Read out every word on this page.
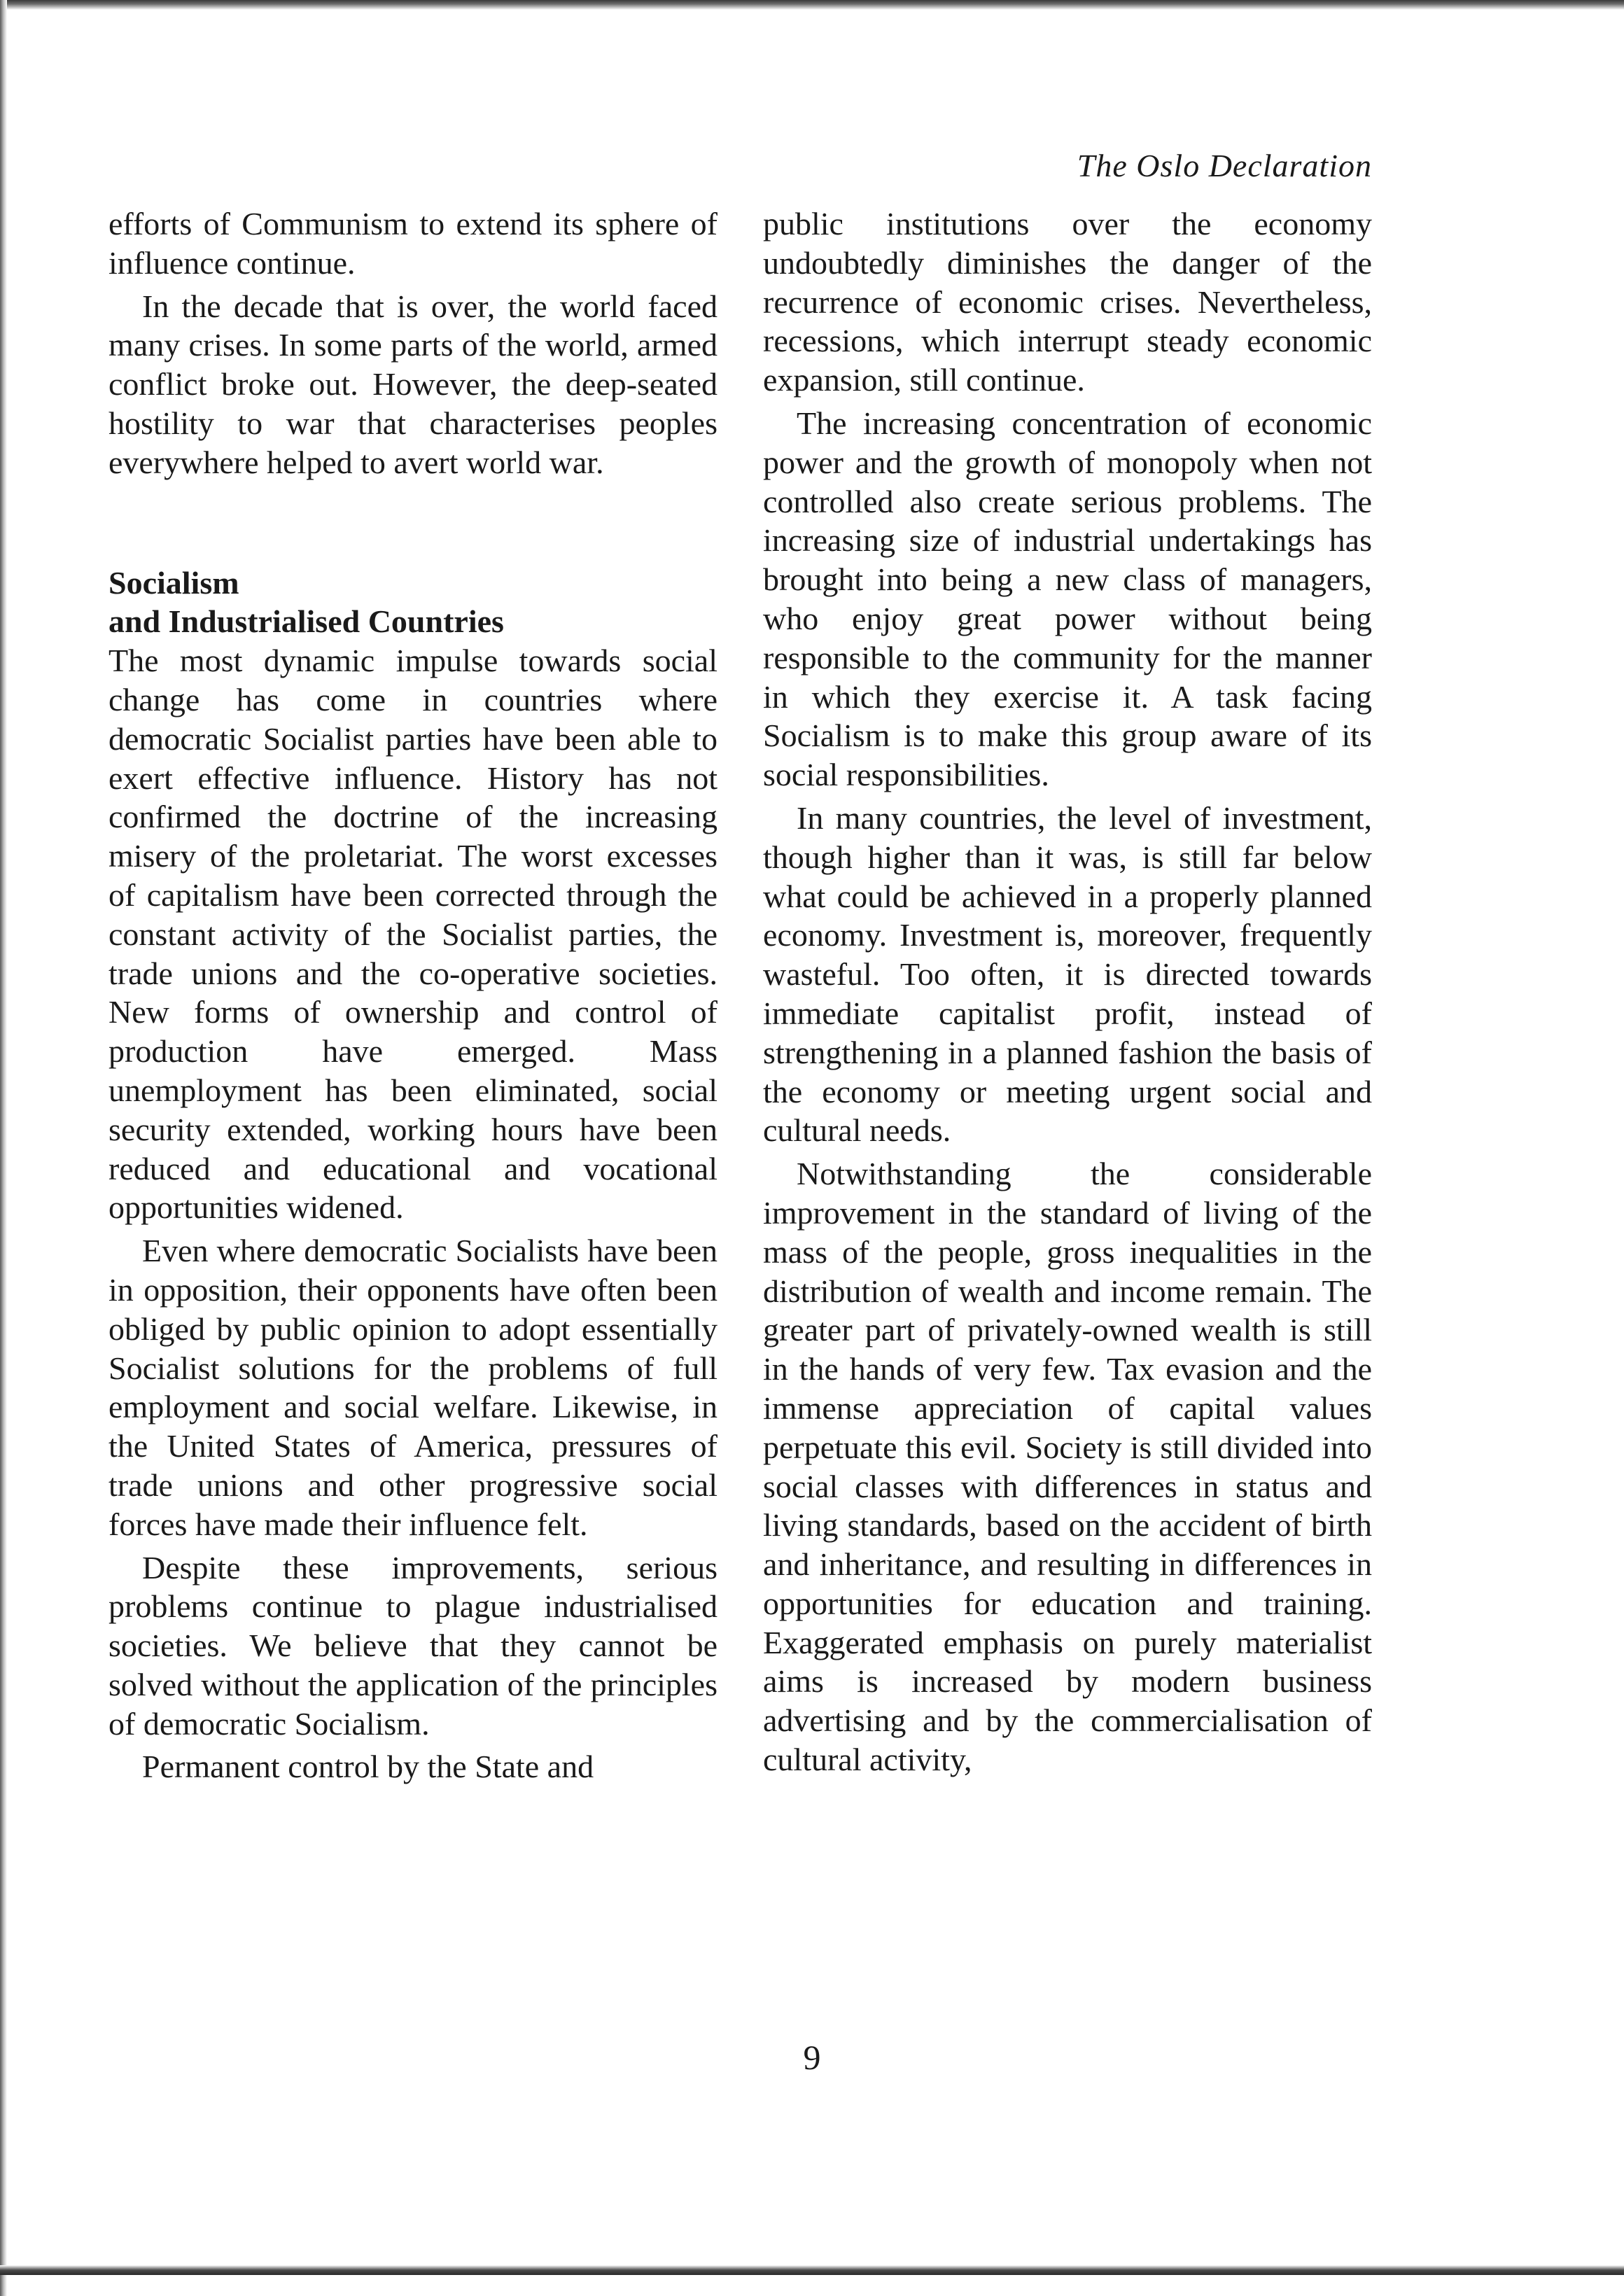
The Oslo Declaration

efforts of Communism to extend its sphere of influence continue.

In the decade that is over, the world faced many crises. In some parts of the world, armed conflict broke out. However, the deep-seated hostility to war that characterises peoples everywhere helped to avert world war.

Socialism
and Industrialised Countries

The most dynamic impulse towards social change has come in countries where democratic Socialist parties have been able to exert effective influence. History has not confirmed the doctrine of the increasing misery of the proletariat. The worst excesses of capitalism have been corrected through the constant activity of the Socialist parties, the trade unions and the co-operative societies. New forms of ownership and control of production have emerged. Mass unemployment has been eliminated, social security extended, working hours have been reduced and educational and vocational opportunities widened.

Even where democratic Socialists have been in opposition, their opponents have often been obliged by public opinion to adopt essentially Socialist solutions for the problems of full employment and social welfare. Likewise, in the United States of America, pressures of trade unions and other progressive social forces have made their influence felt.

Despite these improvements, serious problems continue to plague industrialised societies. We believe that they cannot be solved without the application of the principles of democratic Socialism.

Permanent control by the State and

public institutions over the economy undoubtedly diminishes the danger of the recurrence of economic crises. Nevertheless, recessions, which interrupt steady economic expansion, still continue.

The increasing concentration of economic power and the growth of monopoly when not controlled also create serious problems. The increasing size of industrial undertakings has brought into being a new class of managers, who enjoy great power without being responsible to the community for the manner in which they exercise it. A task facing Socialism is to make this group aware of its social responsibilities.

In many countries, the level of investment, though higher than it was, is still far below what could be achieved in a properly planned economy. Investment is, moreover, frequently wasteful. Too often, it is directed towards immediate capitalist profit, instead of strengthening in a planned fashion the basis of the economy or meeting urgent social and cultural needs.

Notwithstanding the considerable improvement in the standard of living of the mass of the people, gross inequalities in the distribution of wealth and income remain. The greater part of privately-owned wealth is still in the hands of very few. Tax evasion and the immense appreciation of capital values perpetuate this evil. Society is still divided into social classes with differences in status and living standards, based on the accident of birth and inheritance, and resulting in differences in opportunities for education and training. Exaggerated emphasis on purely materialist aims is increased by modern business advertising and by the commercialisation of cultural activity,

9
